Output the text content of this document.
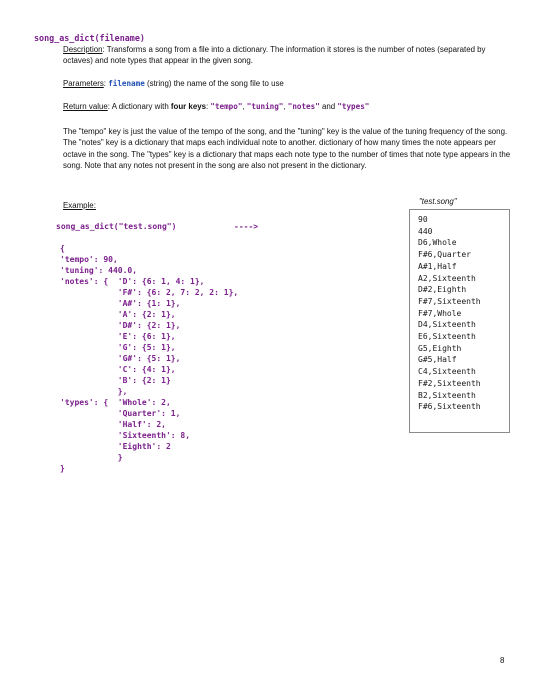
song_as_dict(filename)
Description: Transforms a song from a file into a dictionary. The information it stores is the number of notes (separated by octaves) and note types that appear in the given song.
Parameters: filename (string) the name of the song file to use
Return value: A dictionary with four keys: "tempo", "tuning", "notes" and "types"
The "tempo" key is just the value of the tempo of the song, and the "tuning" key is the value of the tuning frequency of the song. The "notes" key is a dictionary that maps each individual note to another. dictionary of how many times the note appears per octave in the song. The "types" key is a dictionary that maps each note type to the number of times that note type appears in the song. Note that any notes not present in the song are also not present in the dictionary.
Example:	"test.song"
song_as_dict("test.song")	---->
{
'tempo': 90,
'tuning': 440.0,
'notes': {  'D': {6: 1, 4: 1},
'F#': {6: 2, 7: 2, 2: 1},
'A#': {1: 1},
'A': {2: 1},
'D#': {2: 1},
'E': {6: 1},
'G': {5: 1},
'G#': {5: 1},
'C': {4: 1},
'B': {2: 1}
},
'types': {  'Whole': 2,
'Quarter': 1,
'Half': 2,
'Sixteenth': 8,
'Eighth': 2
}
}
90
440
D6,Whole
F#6,Quarter
A#1,Half
A2,Sixteenth
D#2,Eighth
F#7,Sixteenth
F#7,Whole
D4,Sixteenth
E6,Sixteenth
G5,Eighth
G#5,Half
C4,Sixteenth
F#2,Sixteenth
B2,Sixteenth
F#6,Sixteenth
8
